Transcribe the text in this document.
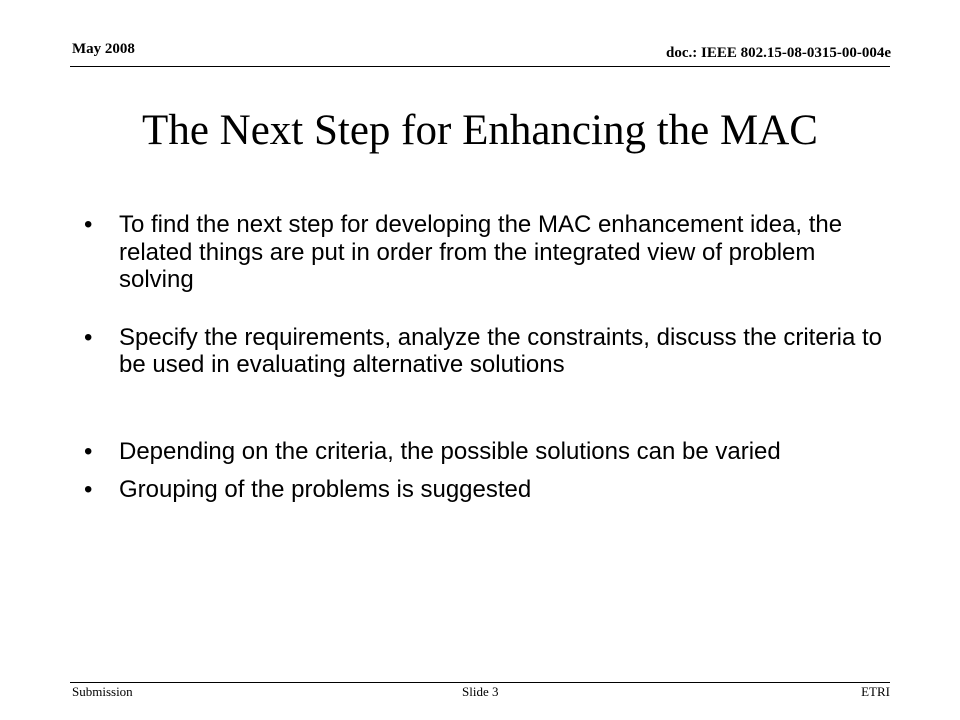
May 2008	doc.: IEEE 802.15-08-0315-00-004e
The Next Step for Enhancing the MAC
• To find the next step for developing the MAC enhancement idea, the related things are put in order from the integrated view of problem solving
• Specify the requirements, analyze the constraints, discuss the criteria to be used in evaluating alternative solutions
• Depending on the criteria, the possible solutions can be varied
• Grouping of the problems is suggested
Submission	Slide 3	ETRI
